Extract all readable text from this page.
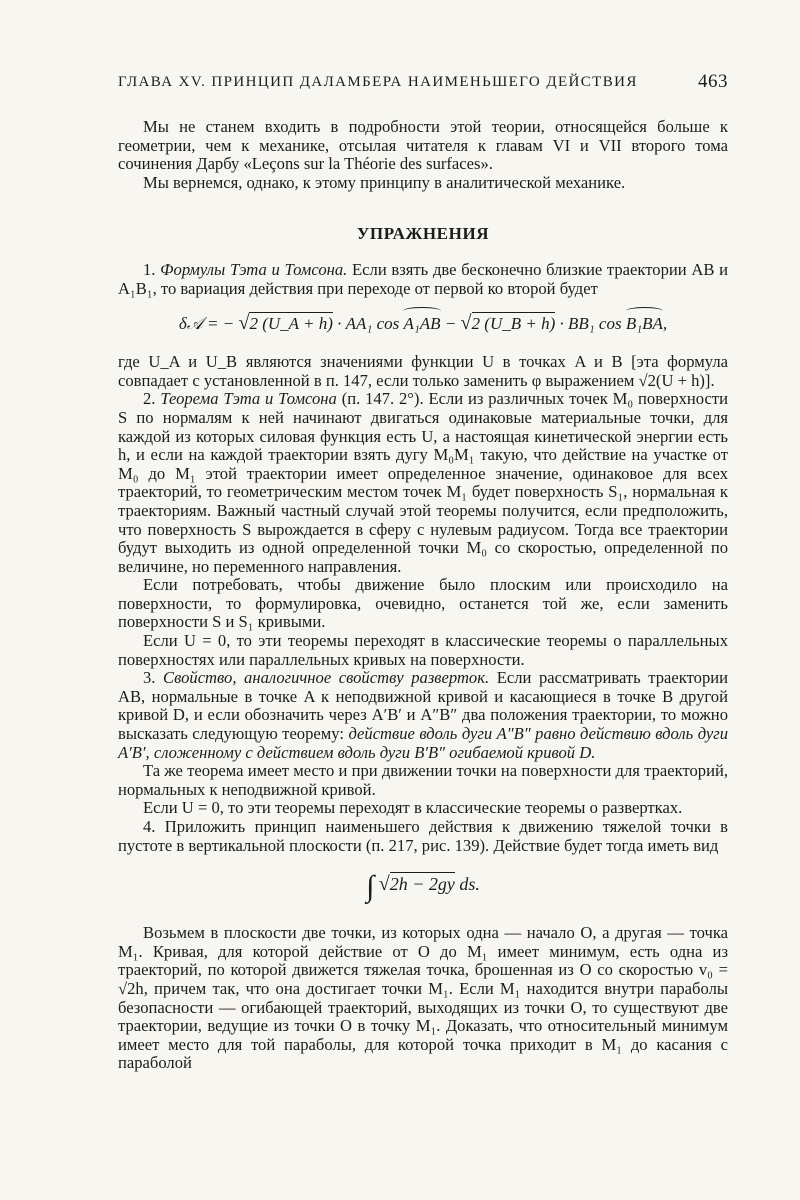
ГЛАВА XV. ПРИНЦИП ДАЛАМБЕРА НАИМЕНЬШЕГО ДЕЙСТВИЯ	463

Мы не станем входить в подробности этой теории, относящейся больше к геометрии, чем к механике, отсылая читателя к главам VI и VII второго тома сочинения Дарбу «Leçons sur la Théorie des surfaces».

Мы вернемся, однако, к этому принципу в аналитической механике.

УПРАЖНЕНИЯ

1. Формулы Тэта и Томсона. Если взять две бесконечно близкие траектории AB и A₁B₁, то вариация действия при переходе от первой ко второй будет

δ𝒜 = − √2 (U_A + h) · AA₁ cos A₁AB − √2 (U_B + h) · BB₁ cos B₁BA,

где U_A и U_B являются значениями функции U в точках A и B [эта формула совпадает с установленной в п. 147, если только заменить φ выражением √2(U + h)].

2. Теорема Тэта и Томсона (п. 147. 2°). Если из различных точек M₀ поверхности S по нормалям к ней начинают двигаться одинаковые материальные точки, для каждой из которых силовая функция есть U, а настоящая кинетической энергии есть h, и если на каждой траектории взять дугу M₀M₁ такую, что действие на участке от M₀ до M₁ этой траектории имеет определенное значение, одинаковое для всех траекторий, то геометрическим местом точек M₁ будет поверхность S₁, нормальная к траекториям. Важный частный случай этой теоремы получится, если предположить, что поверхность S вырождается в сферу с нулевым радиусом. Тогда все траектории будут выходить из одной определенной точки M₀ со скоростью, определенной по величине, но переменного направления.

Если потребовать, чтобы движение было плоским или происходило на поверхности, то формулировка, очевидно, останется той же, если заменить поверхности S и S₁ кривыми.

Если U = 0, то эти теоремы переходят в классические теоремы о параллельных поверхностях или параллельных кривых на поверхности.

3. Свойство, аналогичное свойству разверток. Если рассматривать траектории AB, нормальные в точке A к неподвижной кривой и касающиеся в точке B другой кривой D, и если обозначить через A′B′ и A″B″ два положения траектории, то можно высказать следующую теорему: действие вдоль дуги A″B″ равно действию вдоль дуги A′B′, сложенному с действием вдоль дуги B′B″ огибаемой кривой D.

Та же теорема имеет место и при движении точки на поверхности для траекторий, нормальных к неподвижной кривой.

Если U = 0, то эти теоремы переходят в классические теоремы о развертках.

4. Приложить принцип наименьшего действия к движению тяжелой точки в пустоте в вертикальной плоскости (п. 217, рис. 139). Действие будет тогда иметь вид

∫ √2h − 2gy ds.

Возьмем в плоскости две точки, из которых одна — начало O, а другая — точка M₁. Кривая, для которой действие от O до M₁ имеет минимум, есть одна из траекторий, по которой движется тяжелая точка, брошенная из O со скоростью v₀ = √2h, причем так, что она достигает точки M₁. Если M₁ находится внутри параболы безопасности — огибающей траекторий, выходящих из точки O, то существуют две траектории, ведущие из точки O в точку M₁. Доказать, что относительный минимум имеет место для той параболы, для которой точка приходит в M₁ до касания с параболой
